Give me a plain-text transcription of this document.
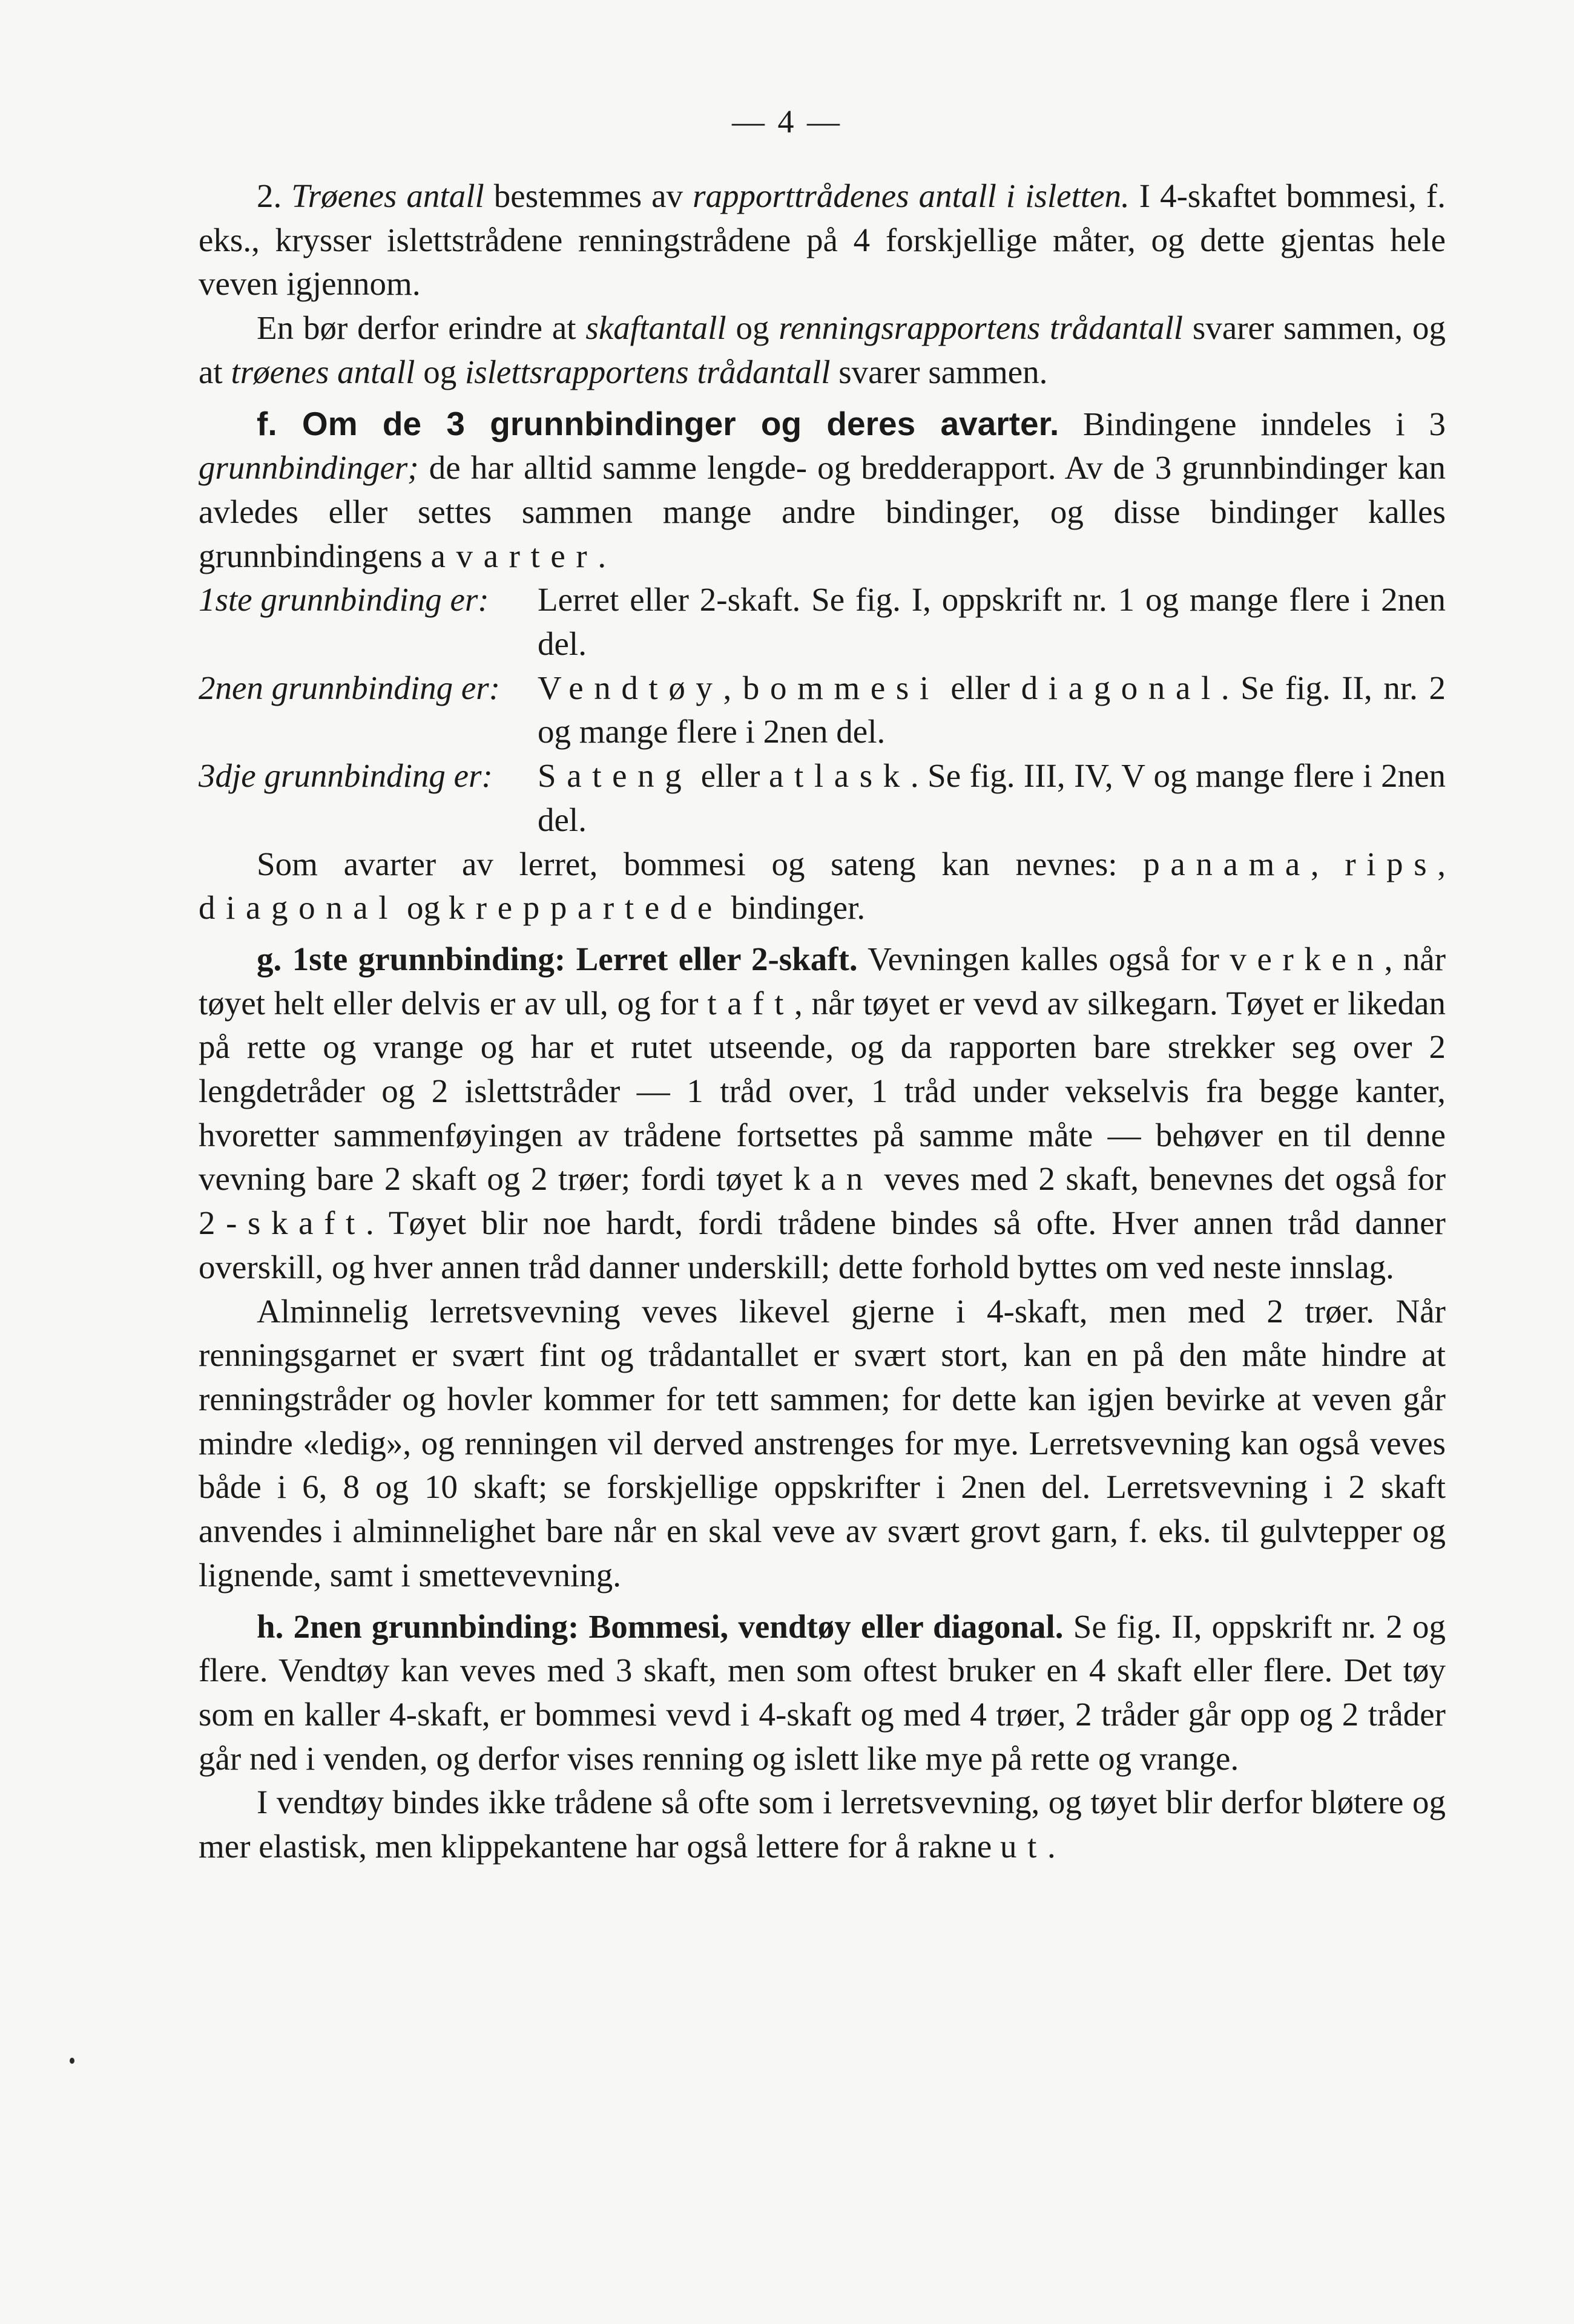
— 4 —

2. Trøenes antall bestemmes av rapporttrådenes antall i isletten. I 4-skaftet bommesi, f. eks., krysser islettstrådene renningstrådene på 4 forskjellige måter, og dette gjentas hele veven igjennom.

En bør derfor erindre at skaftantall og renningsrapportens trådantall svarer sammen, og at trøenes antall og islettsrapportens trådantall svarer sammen.

f. Om de 3 grunnbindinger og deres avarter. Bindingene inndeles i 3 grunnbindinger; de har alltid samme lengde- og bredderapport. Av de 3 grunnbindinger kan avledes eller settes sammen mange andre bindinger, og disse bindinger kalles grunnbindingens avarter.

1ste grunnbinding er:	Lerret eller 2-skaft. Se fig. I, oppskrift nr. 1 og mange flere i 2nen del.
2nen grunnbinding er:	Vendtøy, bommesi eller diagonal. Se fig. II, nr. 2 og mange flere i 2nen del.
3dje grunnbinding er:	Sateng eller atlask. Se fig. III, IV, V og mange flere i 2nen del.

Som avarter av lerret, bommesi og sateng kan nevnes: panama, rips, diagonal og kreppartede bindinger.

g. 1ste grunnbinding: Lerret eller 2-skaft. Vevningen kalles også for verken, når tøyet helt eller delvis er av ull, og for taft, når tøyet er vevd av silkegarn. Tøyet er likedan på rette og vrange og har et rutet utseende, og da rapporten bare strekker seg over 2 lengdetråder og 2 islettstråder — 1 tråd over, 1 tråd under vekselvis fra begge kanter, hvoretter sammenføyingen av trådene fortsettes på samme måte — behøver en til denne vevning bare 2 skaft og 2 trøer; fordi tøyet kan veves med 2 skaft, benevnes det også for 2-skaft. Tøyet blir noe hardt, fordi trådene bindes så ofte. Hver annen tråd danner overskill, og hver annen tråd danner underskill; dette forhold byttes om ved neste innslag.

Alminnelig lerretsvevning veves likevel gjerne i 4-skaft, men med 2 trøer. Når renningsgarnet er svært fint og trådantallet er svært stort, kan en på den måte hindre at renningstråder og hovler kommer for tett sammen; for dette kan igjen bevirke at veven går mindre «ledig», og renningen vil derved anstrenges for mye. Lerretsvevning kan også veves både i 6, 8 og 10 skaft; se forskjellige oppskrifter i 2nen del. Lerretsvevning i 2 skaft anvendes i alminnelighet bare når en skal veve av svært grovt garn, f. eks. til gulvtepper og lignende, samt i smettevevning.

h. 2nen grunnbinding: Bommesi, vendtøy eller diagonal. Se fig. II, oppskrift nr. 2 og flere. Vendtøy kan veves med 3 skaft, men som oftest bruker en 4 skaft eller flere. Det tøy som en kaller 4-skaft, er bommesi vevd i 4-skaft og med 4 trøer, 2 tråder går opp og 2 tråder går ned i venden, og derfor vises renning og islett like mye på rette og vrange.

I vendtøy bindes ikke trådene så ofte som i lerretsvevning, og tøyet blir derfor bløtere og mer elastisk, men klippekantene har også lettere for å rakne ut.
